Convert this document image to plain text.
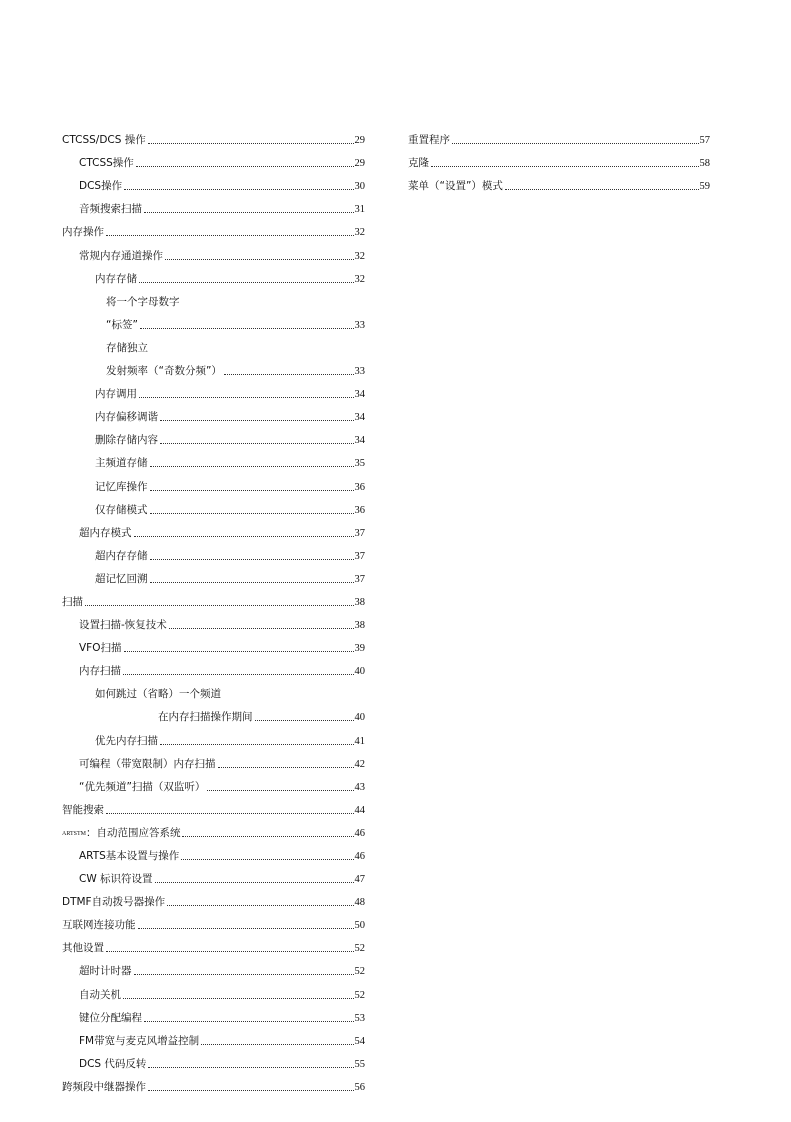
CTCSS/DCS 操作	29
CTCSS操作	29
DCS操作	30
音频搜索扫描	31
内存操作	32
常规内存通道操作	32
内存存储	32
将一个字母数字
“标签”	33
存储独立
发射频率（“奇数分频”）	33
内存调用	34
内存偏移调谐	34
删除存储内容	34
主频道存储	35
记忆库操作	36
仅存储模式	36
超内存模式	37
超内存存储	37
超记忆回溯	37
扫描	38
设置扫描-恢复技术	38
VFO扫描	39
内存扫描	40
如何跳过（省略）一个频道
在内存扫描操作期间	40
优先内存扫描	41
可编程（带宽限制）内存扫描	42
“优先频道”扫描（双监听）	43
智能搜索	44
$^{ARTSTM}$：自动范围应答系统	46
ARTS基本设置与操作	46
CW 标识符设置	47
DTMF自动拨号器操作	48
互联网连接功能	50
其他设置	52
超时计时器	52
自动关机	52
键位分配编程	53
FM带宽与麦克风增益控制	54
DCS 代码反转	55
跨频段中继器操作	56
重置程序	57
克隆	58
菜单（“设置”）模式	59
